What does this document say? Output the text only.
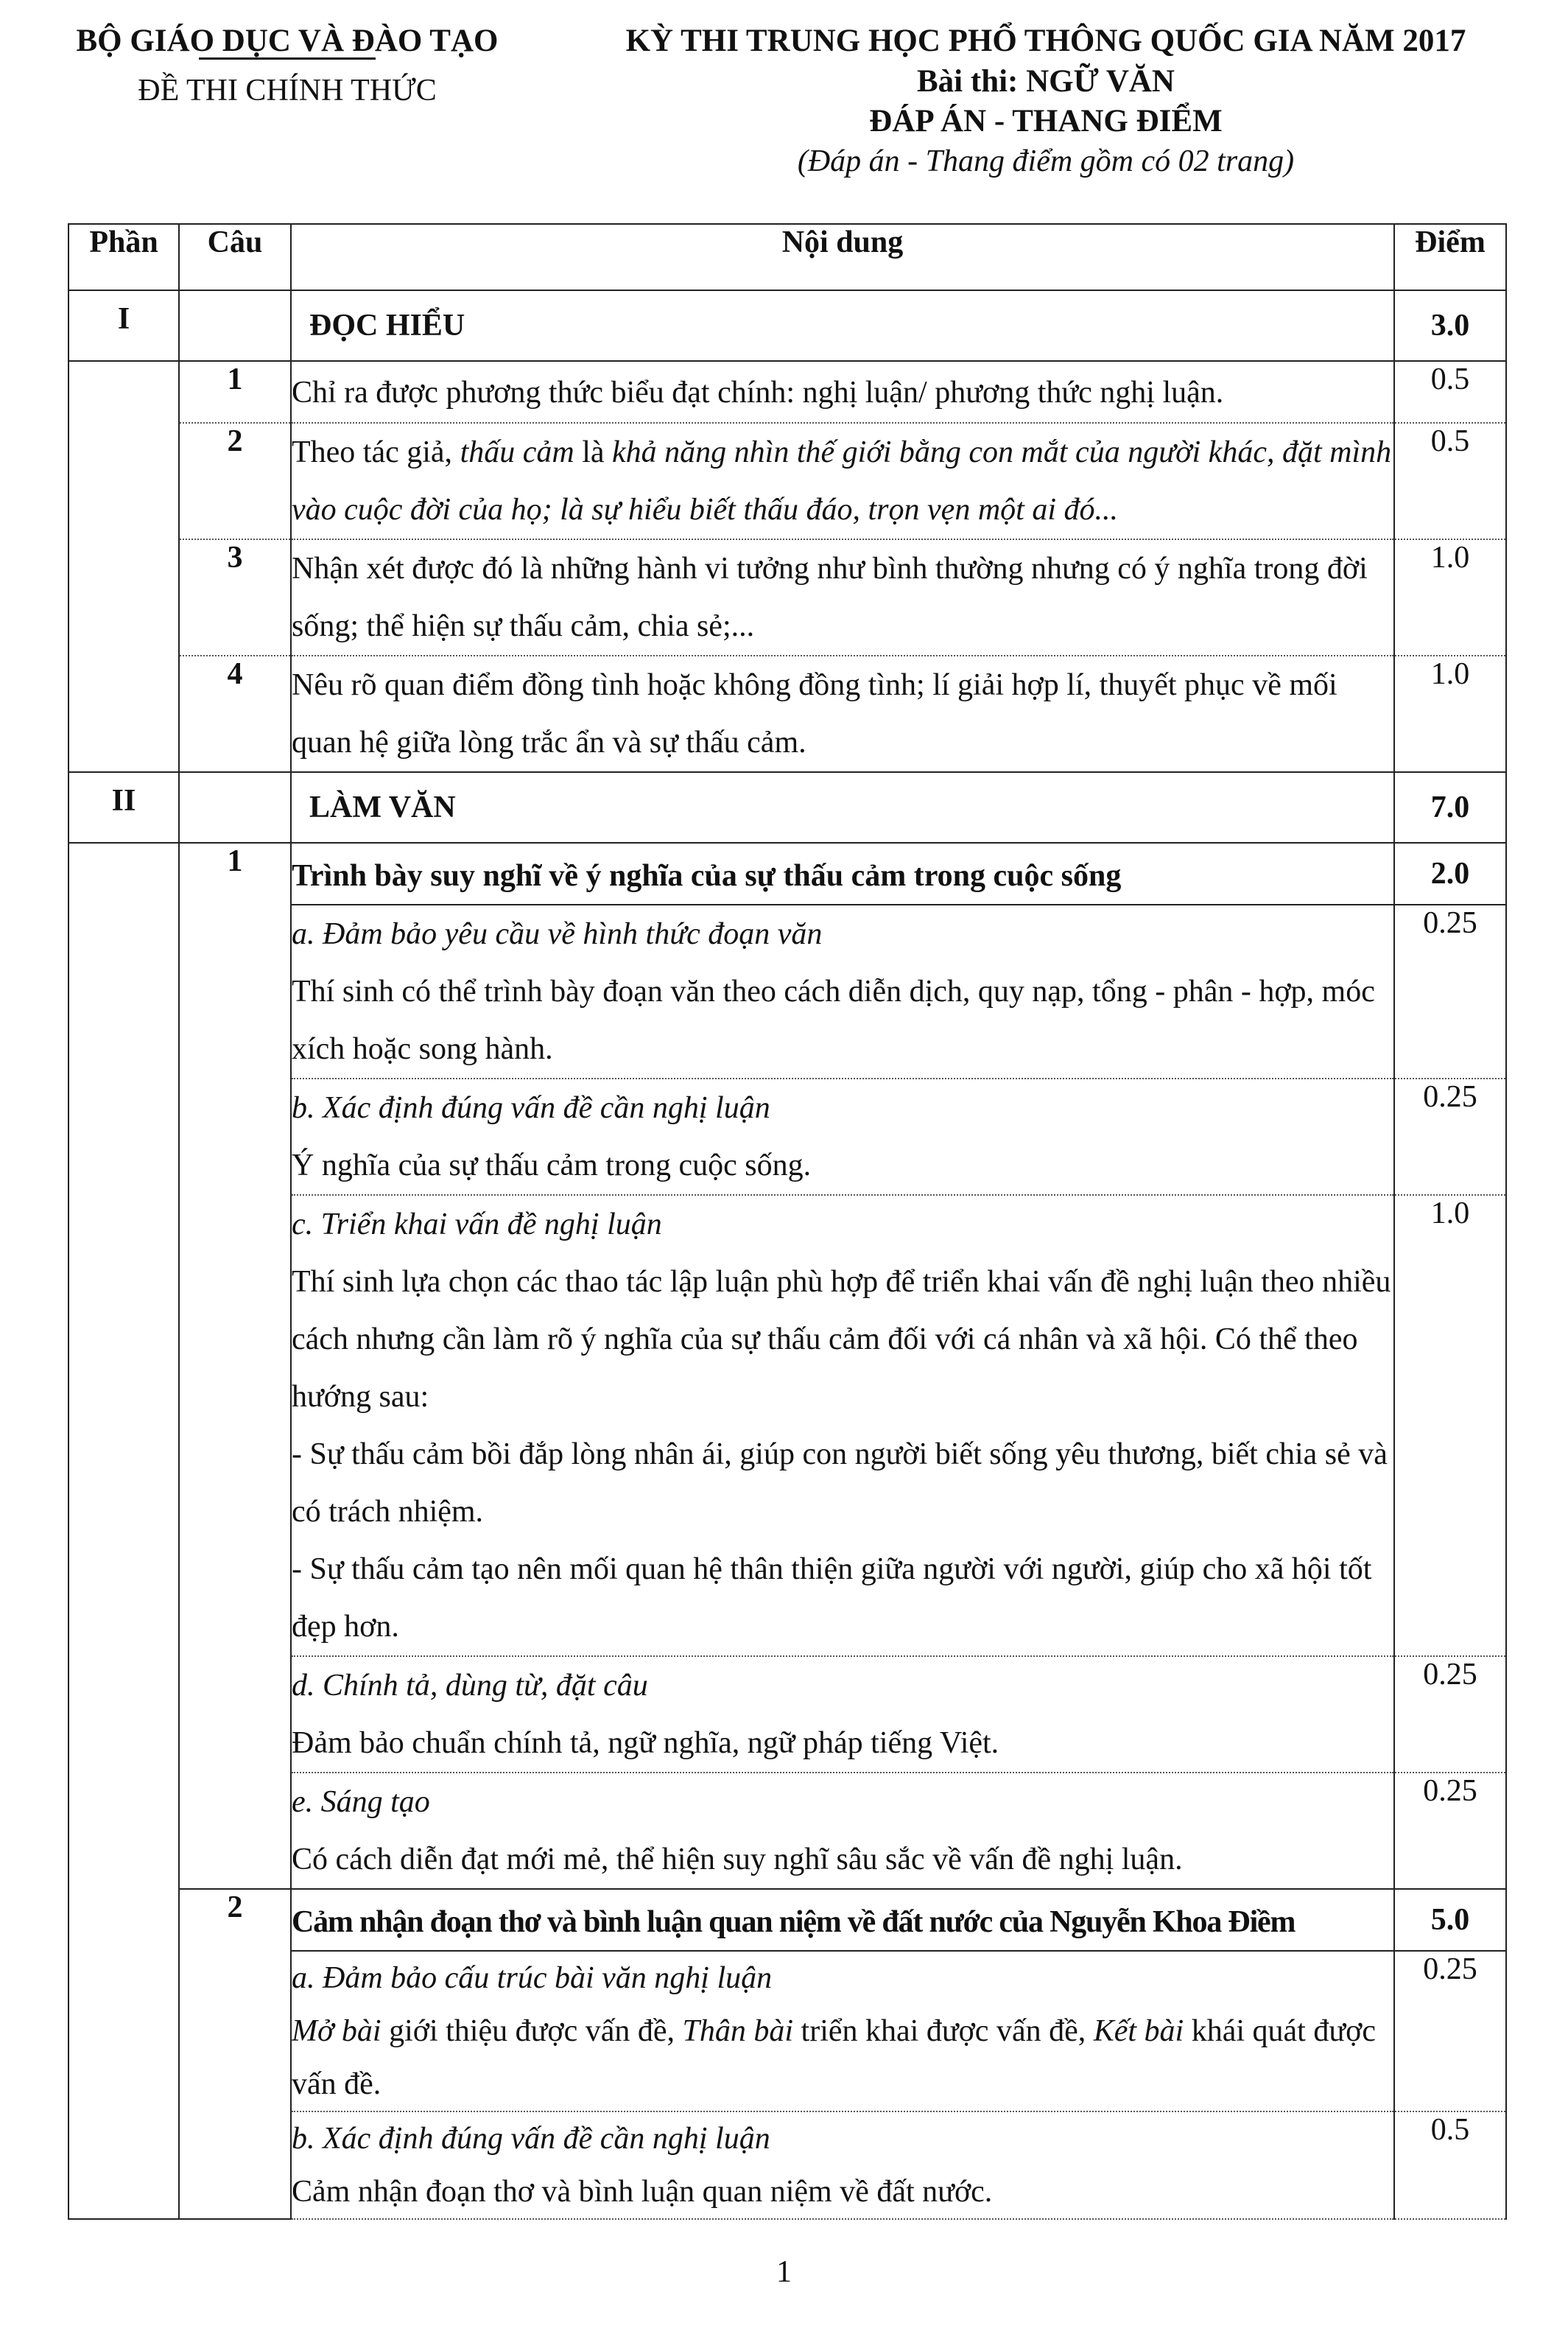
BỘ GIÁO DỤC VÀ ĐÀO TẠO
ĐỀ THI CHÍNH THỨC
KỲ THI TRUNG HỌC PHỔ THÔNG QUỐC GIA NĂM 2017
Bài thi: NGỮ VĂN
ĐÁP ÁN - THANG ĐIỂM
(Đáp án - Thang điểm gồm có 02 trang)
Phần	Câu	Nội dung	Điểm
I		ĐỌC HIỂU	3.0
	1	Chỉ ra được phương thức biểu đạt chính: nghị luận/ phương thức nghị luận.	0.5
	2	Theo tác giả, thấu cảm là khả năng nhìn thế giới bằng con mắt của người khác, đặt mình vào cuộc đời của họ; là sự hiểu biết thấu đáo, trọn vẹn một ai đó...	0.5
	3	Nhận xét được đó là những hành vi tưởng như bình thường nhưng có ý nghĩa trong đời sống; thể hiện sự thấu cảm, chia sẻ;...	1.0
	4	Nêu rõ quan điểm đồng tình hoặc không đồng tình; lí giải hợp lí, thuyết phục về mối quan hệ giữa lòng trắc ẩn và sự thấu cảm.	1.0
II		LÀM VĂN	7.0
	1	Trình bày suy nghĩ về ý nghĩa của sự thấu cảm trong cuộc sống	2.0

		a. Đảm bảo yêu cầu về hình thức đoạn văn
Thí sinh có thể trình bày đoạn văn theo cách diễn dịch, quy nạp, tổng - phân - hợp, móc xích hoặc song hành.	0.25

		b. Xác định đúng vấn đề cần nghị luận
Ý nghĩa của sự thấu cảm trong cuộc sống.	0.25

		c. Triển khai vấn đề nghị luận
Thí sinh lựa chọn các thao tác lập luận phù hợp để triển khai vấn đề nghị luận theo nhiều cách nhưng cần làm rõ ý nghĩa của sự thấu cảm đối với cá nhân và xã hội. Có thể theo hướng sau:
- Sự thấu cảm bồi đắp lòng nhân ái, giúp con người biết sống yêu thương, biết chia sẻ và có trách nhiệm.
- Sự thấu cảm tạo nên mối quan hệ thân thiện giữa người với người, giúp cho xã hội tốt đẹp hơn.	1.0

		d. Chính tả, dùng từ, đặt câu
Đảm bảo chuẩn chính tả, ngữ nghĩa, ngữ pháp tiếng Việt.	0.25

		e. Sáng tạo
Có cách diễn đạt mới mẻ, thể hiện suy nghĩ sâu sắc về vấn đề nghị luận.	0.25
	2	Cảm nhận đoạn thơ và bình luận quan niệm về đất nước của Nguyễn Khoa Điềm	5.0

		a. Đảm bảo cấu trúc bài văn nghị luận
Mở bài giới thiệu được vấn đề, Thân bài triển khai được vấn đề, Kết bài khái quát được vấn đề.	0.25

		b. Xác định đúng vấn đề cần nghị luận
Cảm nhận đoạn thơ và bình luận quan niệm về đất nước.	0.5
1
